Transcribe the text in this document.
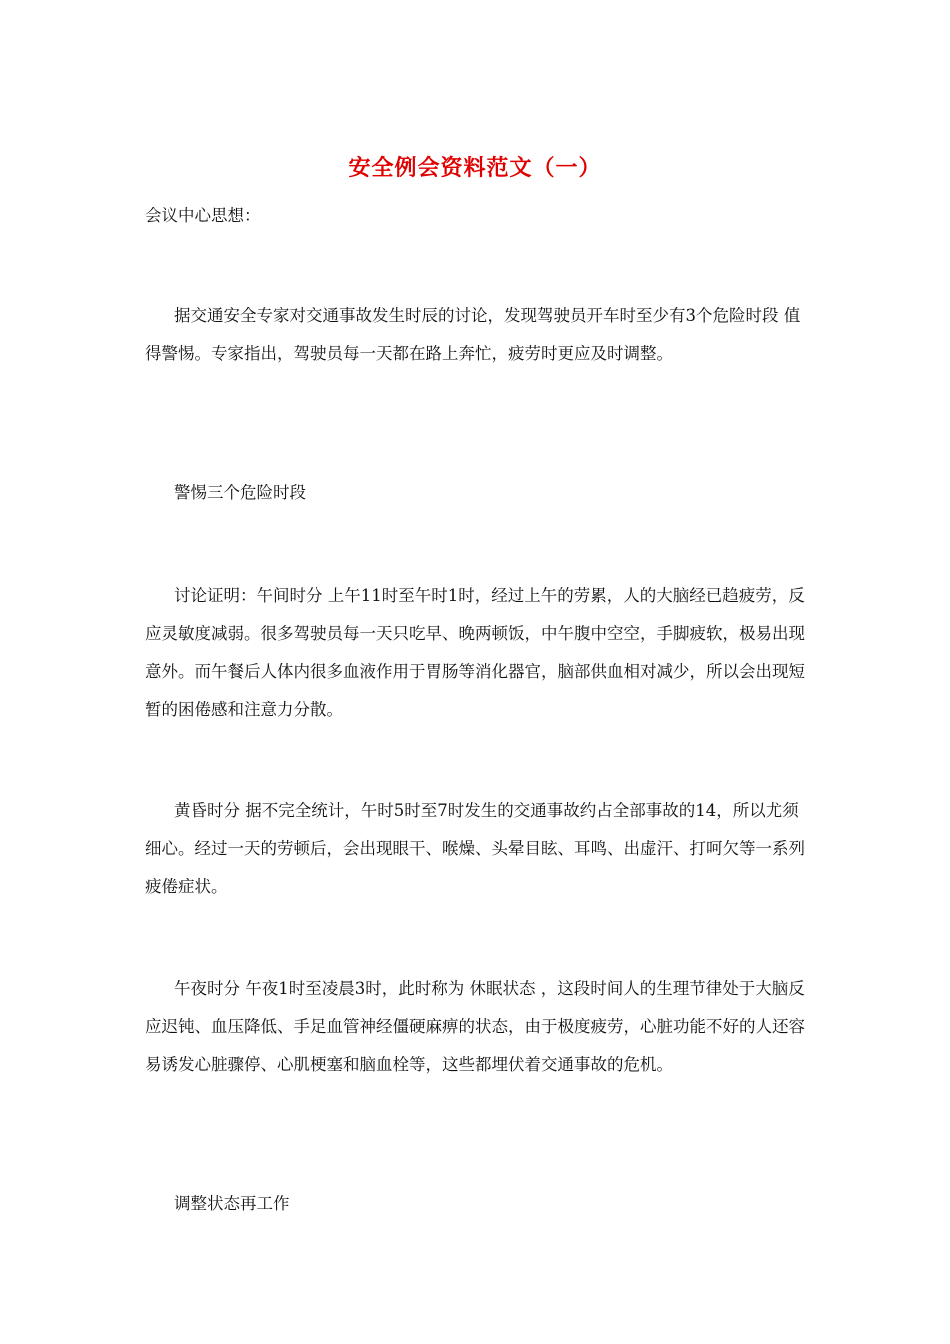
安全例会资料范文（一）

会议中心思想：

据交通安全专家对交通事故发生时辰的讨论，发现驾驶员开车时至少有3个危险时段 值得警惕。专家指出，驾驶员每一天都在路上奔忙，疲劳时更应及时调整。

警惕三个危险时段

讨论证明：午间时分 上午11时至午时1时，经过上午的劳累，人的大脑经已趋疲劳，反应灵敏度减弱。很多驾驶员每一天只吃早、晚两顿饭，中午腹中空空，手脚疲软，极易出现意外。而午餐后人体内很多血液作用于胃肠等消化器官，脑部供血相对减少，所以会出现短暂的困倦感和注意力分散。

黄昏时分 据不完全统计，午时5时至7时发生的交通事故约占全部事故的14，所以尤须细心。经过一天的劳顿后，会出现眼干、喉燥、头晕目眩、耳鸣、出虚汗、打呵欠等一系列疲倦症状。

午夜时分 午夜1时至凌晨3时，此时称为 休眠状态 ，这段时间人的生理节律处于大脑反应迟钝、血压降低、手足血管神经僵硬麻痹的状态，由于极度疲劳，心脏功能不好的人还容易诱发心脏骤停、心肌梗塞和脑血栓等，这些都埋伏着交通事故的危机。

调整状态再工作
